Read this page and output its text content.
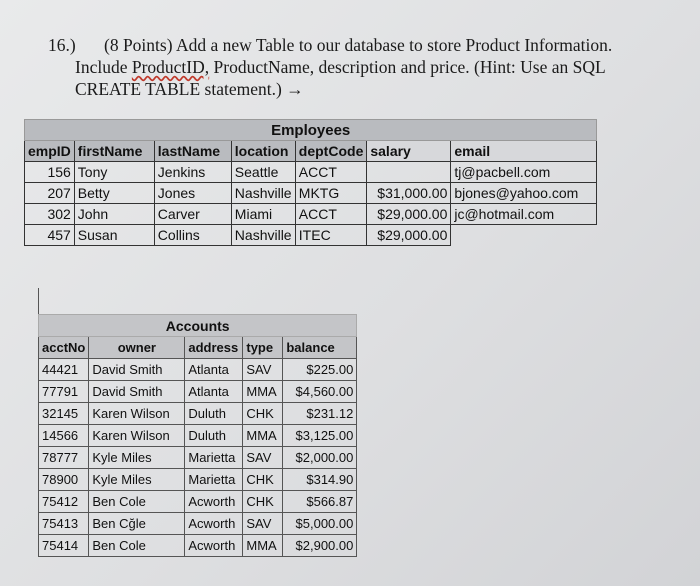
16.) (8 Points) Add a new Table to our database to store Product Information.
Include ProductID, ProductName, description and price. (Hint: Use an SQL
CREATE TABLE statement.) →
Employees						
empID	firstName	lastName	location	deptCode	salary	email
156	Tony	Jenkins	Seattle	ACCT		tj@pacbell.com
207	Betty	Jones	Nashville	MKTG	$31,000.00	bjones@yahoo.com
302	John	Carver	Miami	ACCT	$29,000.00	jc@hotmail.com
457	Susan	Collins	Nashville	ITEC	$29,000.00	
Accounts				
acctNo	owner	address	type	balance
44421	David Smith	Atlanta	SAV	$225.00
77791	David Smith	Atlanta	MMA	$4,560.00
32145	Karen Wilson	Duluth	CHK	$231.12
14566	Karen Wilson	Duluth	MMA	$3,125.00
78777	Kyle Miles	Marietta	SAV	$2,000.00
78900	Kyle Miles	Marietta	CHK	$314.90
75412	Ben Cole	Acworth	CHK	$566.87
75413	Ben Cğle	Acworth	SAV	$5,000.00
75414	Ben Cole	Acworth	MMA	$2,900.00
